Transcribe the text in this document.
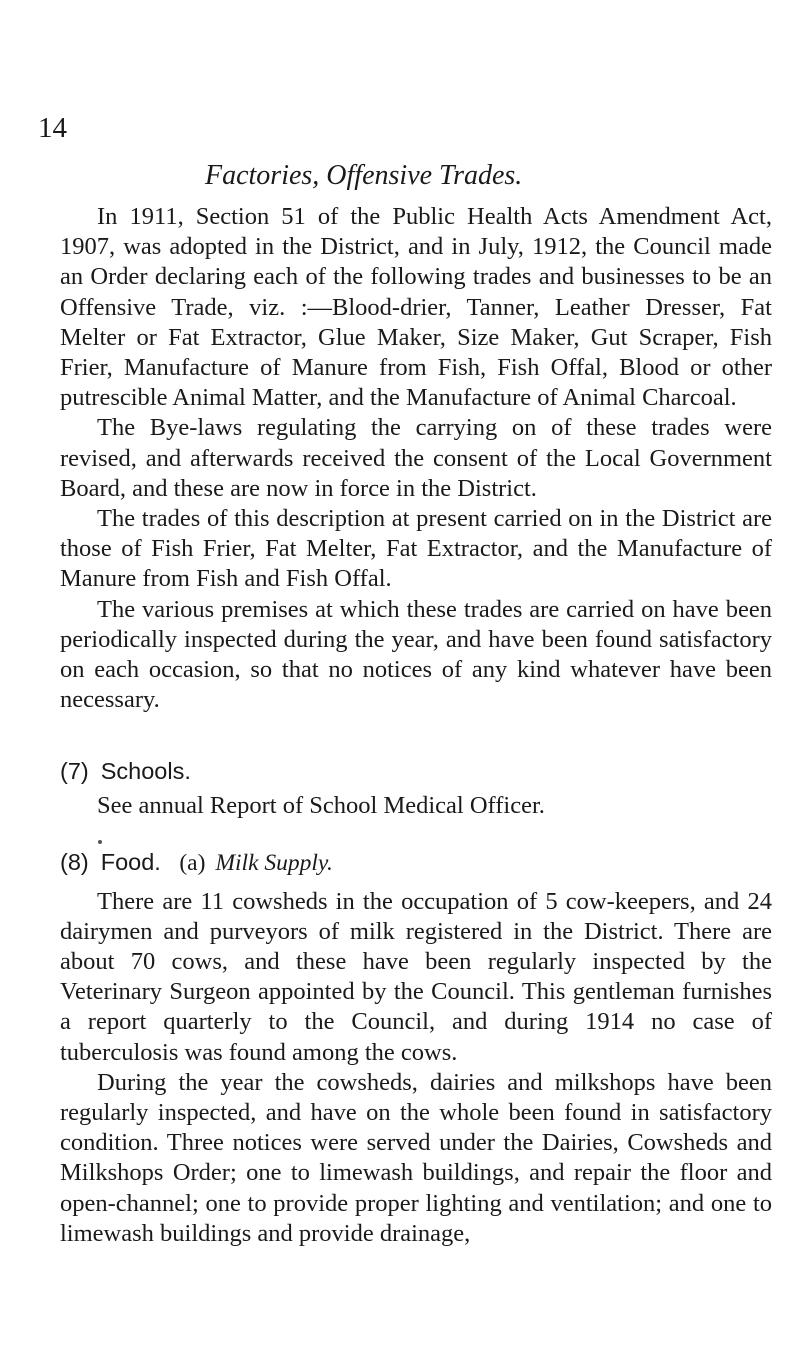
14
Factories, Offensive Trades.

In 1911, Section 51 of the Public Health Acts Amendment Act, 1907, was adopted in the District, and in July, 1912, the Council made an Order declaring each of the following trades and businesses to be an Offensive Trade, viz. :—Blood-drier, Tanner, Leather Dresser, Fat Melter or Fat Extractor, Glue Maker, Size Maker, Gut Scraper, Fish Frier, Manufacture of Manure from Fish, Fish Offal, Blood or other putrescible Animal Matter, and the Manufacture of Animal Charcoal.

The Bye-laws regulating the carrying on of these trades were revised, and afterwards received the consent of the Local Government Board, and these are now in force in the District.

The trades of this description at present carried on in the District are those of Fish Frier, Fat Melter, Fat Extractor, and the Manufacture of Manure from Fish and Fish Offal.

The various premises at which these trades are carried on have been periodically inspected during the year, and have been found satisfactory on each occasion, so that no notices of any kind whatever have been necessary.

(7) Schools.

See annual Report of School Medical Officer.

(8) Food. (a) Milk Supply.

There are 11 cowsheds in the occupation of 5 cow-keepers, and 24 dairymen and purveyors of milk registered in the District. There are about 70 cows, and these have been regularly inspected by the Veterinary Surgeon appointed by the Council. This gentleman furnishes a report quarterly to the Council, and during 1914 no case of tuberculosis was found among the cows.

During the year the cowsheds, dairies and milkshops have been regularly inspected, and have on the whole been found in satisfactory condition. Three notices were served under the Dairies, Cowsheds and Milkshops Order; one to limewash buildings, and repair the floor and open-channel; one to provide proper lighting and ventilation; and one to limewash buildings and provide drainage,
